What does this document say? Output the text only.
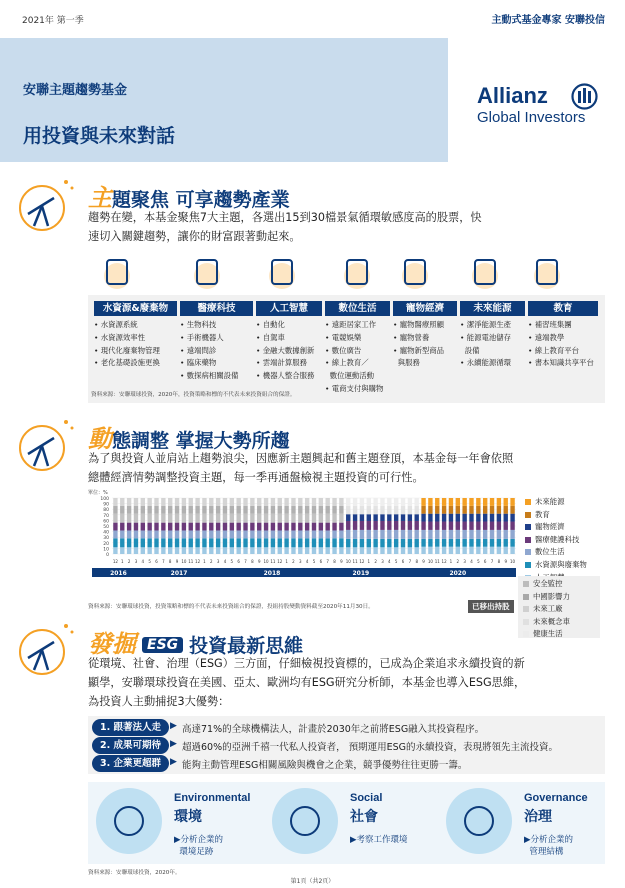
2021年 第一季	主動式基金專家 安聯投信
安聯主題趨勢基金
用投資與未來對話
Allianz
Global Investors
主題聚焦 可享趨勢產業
趨勢在變，本基金聚焦7大主題，各選出15到30檔景氣循環敏感度高的股票，快
速切入關鍵趨勢，讓你的財富跟著動起來。
水資源&廢棄物
• 水資源系統
• 水資源效率性
• 現代化廢棄物管理
• 老化基礎設施更換
醫療科技
• 生物科技
• 手術機器人
• 遠端問診
• 臨床藥物
• 數探病相關設備
人工智慧
• 自動化
• 自駕車
• 金融大數據創新
• 雲端計算服務
• 機器人整合服務
數位生活
• 遠距居家工作
• 電競娛樂
• 數位廣告
• 線上教育／
數位運動活動
• 電商支付與購物
寵物經濟
• 寵物醫療照顧
• 寵物營養
• 寵物新型商品
與服務
未來能源
• 潔淨能源生產
• 能源電池儲存
設備
• 永續能源循環
教育
• 補習班集團
• 遠端教學
• 線上教育平台
• 書本知識共享平台
資料來源：安聯環球投資，2020年，投資策略和標的不代表未來投資組合的保證。
動態調整 掌握大勢所趨
為了與投資人並肩站上趨勢浪尖，因應新主題興起和舊主題登頂，本基金每一年會依照
總體經濟情勢調整投資主題，每一季再通盤檢視主題投資的可行性。
單位：%
100
90
80
70
60
50
40
30
20
10
0
12 1 2 3 4 5 6 7 8 9 10 11 12 1 2 3 4 5 6 7 8 9 10 11 12 1 2 3 4 5 6 7 8 9 10 11 12 1 2 3 4 5 6 7 8 9 10 11 12 1 2 3 4 5 6 7 8 9 10
2016	2017	2018	2019	2020
未來能源
教育
寵物經濟
醫療健護科技
數位生活
水資源與廢棄物
安全監控
中國影響力
未來工廠
未來概念車
健康生活
已移出持股
資料來源：安聯環球投資，投資策略和標的不代表未來投資組合的保證，投組持股變動資料截至2020年11月30日。
發掘 ESG 投資最新思維
從環境、社會、治理（ESG）三方面，仔細檢視投資標的，已成為企業追求永續投資的新
顯學，安聯環球投資在美國、亞太、歐洲均有ESG研究分析師，本基金也導入ESG思維，
為投資人主動捕捉3大優勢：
1. 跟著法人走 ▶ 高達71%的全球機構法人，計畫於2030年之前將ESG融入其投資程序。
2. 成果可期待 ▶ 超過60%的亞洲千禧一代私人投資者， 預期運用ESG的永續投資，表現將領先主流投資。
3. 企業更超群 ▶ 能夠主動管理ESG相關風險與機會之企業，競爭優勢往往更勝一籌。
Environmental
環境
▶分析企業的
環境足跡
Social
社會
▶考察工作環境
Governance
治理
▶分析企業的
管理結構
資料來源：安聯環球投資，2020年。
第1頁（共2頁）
